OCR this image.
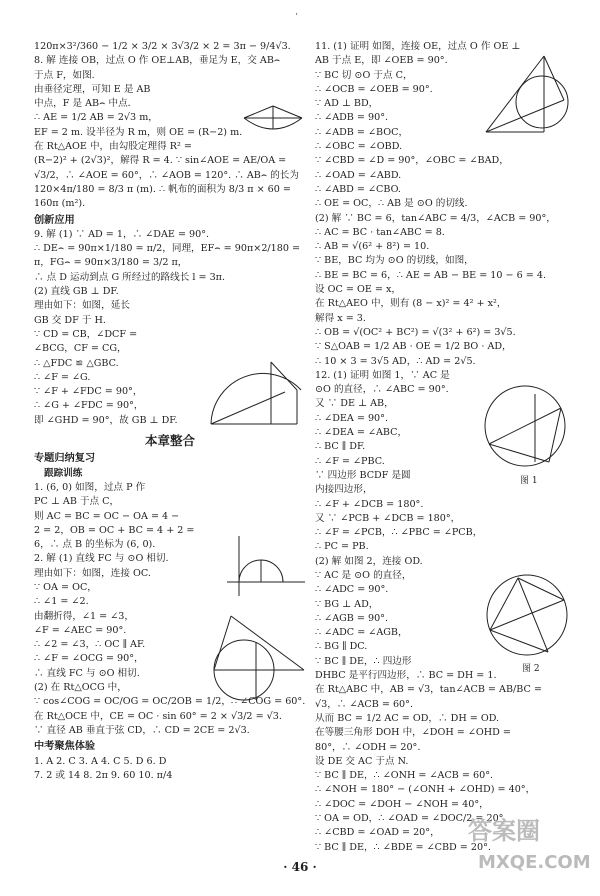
·
120π×3²/360 − 1/2 × 3/2 × 3√3/2 × 2 = 3π − 9/4√3.
8. 解 连接 OB，过点 O 作 OE⊥AB，垂足为 E，交 AB⌢
于点 F，如图.
由垂径定理，可知 E 是 AB
中点，F 是 AB⌢ 中点．
∴ AE = 1/2 AB = 2√3 m，
EF = 2 m. 设半径为 R m，则 OE = (R−2) m.
在 Rt△AOE 中，由勾股定理得 R² =
(R−2)² + (2√3)²，解得 R = 4. ∵ sin∠AOE = AE/OA =
√3/2，∴ ∠AOE = 60°，∴ ∠AOB = 120°. ∴ AB⌢ 的长为
120×4π/180 = 8/3 π (m). ∴ 帆布的面积为 8/3 π × 60 =
160π (m²).
创新应用
9. 解 (1) ∵ AD = 1，∴ ∠DAE = 90°.
∴ DE⌢ = 90π×1/180 = π/2，同理，EF⌢ = 90π×2/180 =
π，FG⌢ = 90π×3/180 = 3/2 π，
∴ 点 D 运动到点 G 所经过的路线长 l = 3π.
(2) 直线 GB ⊥ DF.
理由如下：如图，延长
GB 交 DF 于 H.
∵ CD = CB，∠DCF =
∠BCG，CF = CG，
∴ △FDC ≌ △GBC.
∴ ∠F = ∠G.
∵ ∠F + ∠FDC = 90°，
∴ ∠G + ∠FDC = 90°，
即 ∠GHD = 90°，故 GB ⊥ DF.
本章整合
专题归纳复习
跟踪训练
1. (6, 0) 如图，过点 P 作
PC ⊥ AB 于点 C，
则 AC = BC = OC − OA = 4 −
2 = 2，OB = OC + BC = 4 + 2 =
6，∴ 点 B 的坐标为 (6, 0).
2. 解 (1) 直线 FC 与 ⊙O 相切.
理由如下：如图，连接 OC.
∵ OA = OC，
∴ ∠1 = ∠2.
由翻折得，∠1 = ∠3，
∠F = ∠AEC = 90°.
∴ ∠2 = ∠3，∴ OC ∥ AF.
∴ ∠F = ∠OCG = 90°，
∴ 直线 FC 与 ⊙O 相切.
(2) 在 Rt△OCG 中，
∵ cos∠COG = OC/OG = OC/2OB = 1/2，∴ ∠COG = 60°.
在 Rt△OCE 中，CE = OC · sin 60° = 2 × √3/2 = √3.
∵ 直径 AB 垂直于弦 CD，∴ CD = 2CE = 2√3.
中考聚焦体验
1. A 2. C 3. A 4. C 5. D 6. D
7. 2 或 14 8. 2π 9. 60 10. π/4
11. (1) 证明 如图，连接 OE，过点 O 作 OE ⊥
AB 于点 E，即 ∠OEB = 90°.
∵ BC 切 ⊙O 于点 C，
∴ ∠OCB = ∠OEB = 90°.
∵ AD ⊥ BD，
∴ ∠ADB = 90°.
∴ ∠ADB = ∠BOC，
∴ ∠OBC = ∠OBD.
∵ ∠CBD = ∠D = 90°，∠OBC = ∠BAD，
∴ ∠OAD = ∠ABD.
∴ ∠ABD = ∠CBO.
∴ OE = OC，∴ AB 是 ⊙O 的切线.
(2) 解 ∵ BC = 6，tan∠ABC = 4/3，∠ACB = 90°，
∴ AC = BC · tan∠ABC = 8.
∴ AB = √(6² + 8²) = 10.
∵ BE，BC 均为 ⊙O 的切线，如图，
∴ BE = BC = 6，∴ AE = AB − BE = 10 − 6 = 4.
设 OC = OE = x，
在 Rt△AEO 中，则有 (8 − x)² = 4² + x²，
解得 x = 3.
∴ OB = √(OC² + BC²) = √(3² + 6²) = 3√5.
∵ S△OAB = 1/2 AB · OE = 1/2 BO · AD，
∴ 10 × 3 = 3√5 AD，∴ AD = 2√5.
12. (1) 证明 如图 1，∵ AC 是
⊙O 的直径，∴ ∠ABC = 90°.
又 ∵ DE ⊥ AB，
∴ ∠DEA = 90°.
∴ ∠DEA = ∠ABC，
∴ BC ∥ DF.
∴ ∠F = ∠PBC.
∵ 四边形 BCDF 是圆
内接四边形，
∴ ∠F + ∠DCB = 180°.
又 ∵ ∠PCB + ∠DCB = 180°，
∴ ∠F = ∠PCB，∴ ∠PBC = ∠PCB，
∴ PC = PB.
(2) 解 如图 2，连接 OD.
∵ AC 是 ⊙O 的直径，
∴ ∠ADC = 90°.
∵ BG ⊥ AD，
∴ ∠AGB = 90°.
∴ ∠ADC = ∠AGB，
∴ BG ∥ DC.
∵ BC ∥ DE，∴ 四边形
DHBC 是平行四边形，∴ BC = DH = 1.
在 Rt△ABC 中，AB = √3，tan∠ACB = AB/BC =
√3，∴ ∠ACB = 60°.
从而 BC = 1/2 AC = OD，∴ DH = OD.
在等腰三角形 DOH 中，∠DOH = ∠OHD =
80°，∴ ∠ODH = 20°.
设 DE 交 AC 于点 N.
∵ BC ∥ DE，∴ ∠ONH = ∠ACB = 60°.
∴ ∠NOH = 180° − (∠ONH + ∠OHD) = 40°，
∴ ∠DOC = ∠DOH − ∠NOH = 40°，
∵ OA = OD，∴ ∠OAD = ∠DOC/2 = 20°.
∴ ∠CBD = ∠OAD = 20°，
∵ BC ∥ DE，∴ ∠BDE = ∠CBD = 20°.
图 1
图 2
· 46 ·
答案圈
MXQE.COM
